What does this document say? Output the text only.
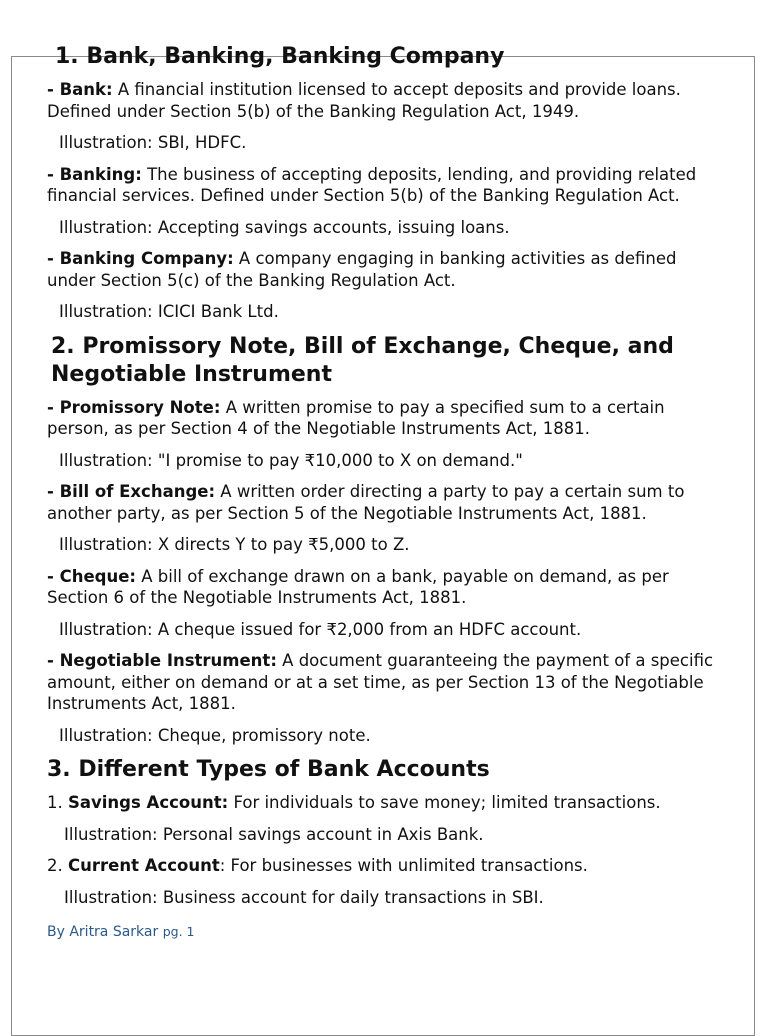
1. Bank, Banking, Banking Company

- Bank: A financial institution licensed to accept deposits and provide loans. Defined under Section 5(b) of the Banking Regulation Act, 1949.

Illustration: SBI, HDFC.

- Banking: The business of accepting deposits, lending, and providing related financial services. Defined under Section 5(b) of the Banking Regulation Act.

Illustration: Accepting savings accounts, issuing loans.

- Banking Company: A company engaging in banking activities as defined under Section 5(c) of the Banking Regulation Act.

Illustration: ICICI Bank Ltd.

2. Promissory Note, Bill of Exchange, Cheque, and Negotiable Instrument

- Promissory Note: A written promise to pay a specified sum to a certain person, as per Section 4 of the Negotiable Instruments Act, 1881.

Illustration: "I promise to pay ₹10,000 to X on demand."

- Bill of Exchange: A written order directing a party to pay a certain sum to another party, as per Section 5 of the Negotiable Instruments Act, 1881.

Illustration: X directs Y to pay ₹5,000 to Z.

- Cheque: A bill of exchange drawn on a bank, payable on demand, as per Section 6 of the Negotiable Instruments Act, 1881.

Illustration: A cheque issued for ₹2,000 from an HDFC account.

- Negotiable Instrument: A document guaranteeing the payment of a specific amount, either on demand or at a set time, as per Section 13 of the Negotiable Instruments Act, 1881.

Illustration: Cheque, promissory note.

3. Different Types of Bank Accounts

1. Savings Account: For individuals to save money; limited transactions.

Illustration: Personal savings account in Axis Bank.

2. Current Account: For businesses with unlimited transactions.

Illustration: Business account for daily transactions in SBI.

By Aritra Sarkar pg. 1
